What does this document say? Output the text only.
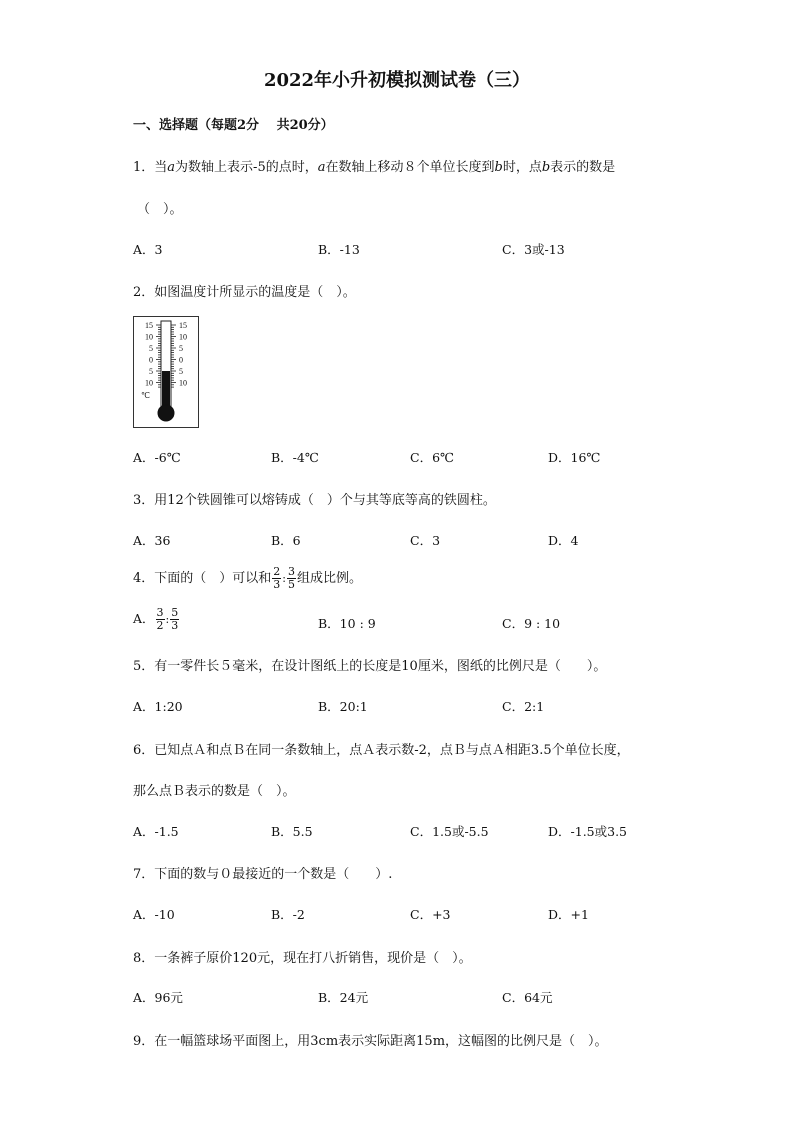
2022年小升初模拟测试卷（三）
一、选择题（每题2分　 共20分）
1．当a为数轴上表示-5的点时，a在数轴上移动８个单位长度到b时，点b表示的数是
（　）。
A．3	B．-13	C．3或-13
2．如图温度计所显示的温度是（　）。
15
10
5
0
5
10
15
10
5
0
5
10
℃
A．-6℃	B．-4℃	C．6℃	D．16℃
3．用12个铁圆锥可以熔铸成（　）个与其等底等高的铁圆柱。
A．36	B．6	C．3	D．4
4．下面的（　）可以和 $\frac{2}{3}$ : $\frac{3}{5}$ 组成比例。
A． $\frac{3}{2}$ : $\frac{5}{3}$	B．10 : 9	C．9 : 10
5．有一零件长５毫米，在设计图纸上的长度是10厘米，图纸的比例尺是（　　）。
A．1:20	B．20:1	C．2:1
6．已知点Ａ和点Ｂ在同一条数轴上，点Ａ表示数-2，点Ｂ与点Ａ相距3.5个单位长度，
那么点Ｂ表示的数是（　）。
A．-1.5	B．5.5	C．1.5或-5.5	D．-1.5或3.5
7．下面的数与０最接近的一个数是（　　）.
A．-10	B．-2	C．+3	D．+1
8．一条裤子原价120元，现在打八折销售，现价是（　）。
A．96元	B．24元	C．64元
9．在一幅篮球场平面图上，用3cm表示实际距离15m，这幅图的比例尺是（　）。
